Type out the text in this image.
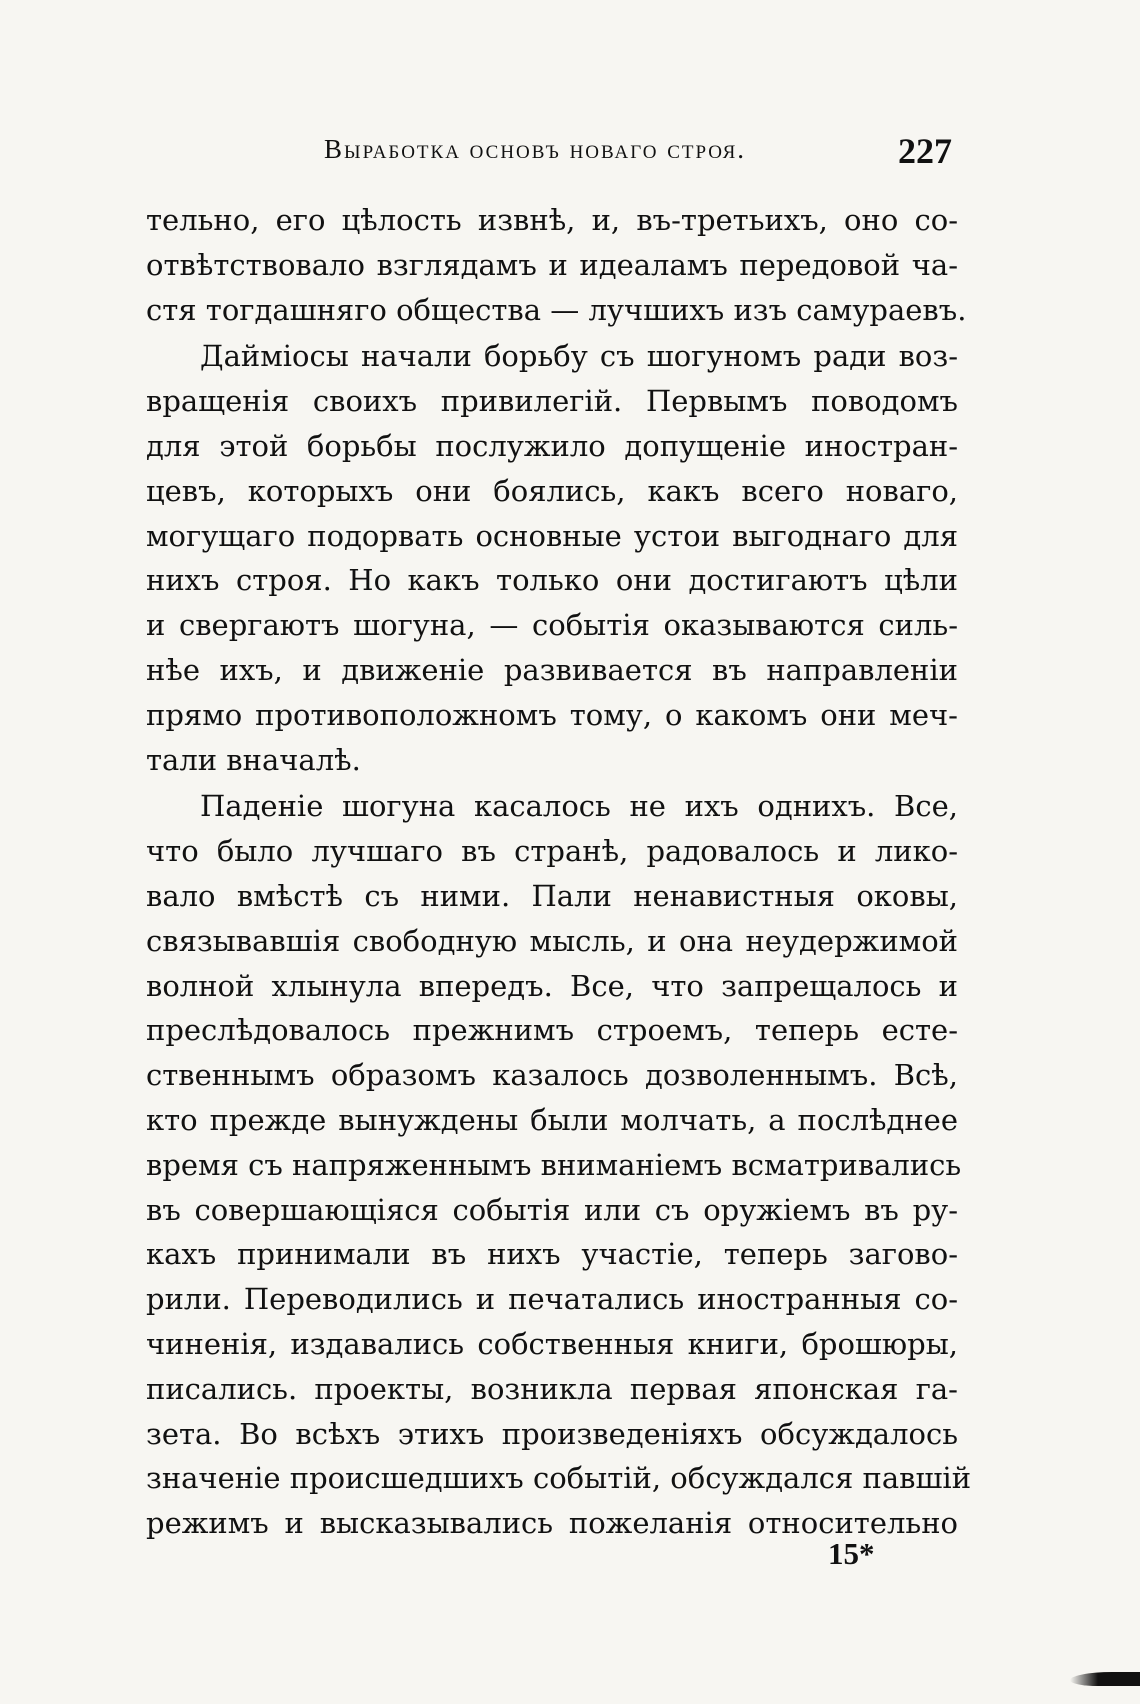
Выработка основъ новаго строя.	227
тельно, его цѣлость извнѣ, и, въ-третьихъ, оно со-
отвѣтствовало взглядамъ и идеаламъ передовой ча-
стя тогдашняго общества — лучшихъ изъ самураевъ.
Дайміосы начали борьбу съ шогуномъ ради воз-
вращенія своихъ привилегій. Первымъ поводомъ
для этой борьбы послужило допущеніе иностран-
цевъ, которыхъ они боялись, какъ всего новаго,
могущаго подорвать основные устои выгоднаго для
нихъ строя. Но какъ только они достигаютъ цѣли
и свергаютъ шогуна, — событія оказываются силь-
нѣе ихъ, и движеніе развивается въ направленіи
прямо противоположномъ тому, о какомъ они меч-
тали вначалѣ.
Паденіе шогуна касалось не ихъ однихъ. Все,
что было лучшаго въ странѣ, радовалось и лико-
вало вмѣстѣ съ ними. Пали ненавистныя оковы,
связывавшія свободную мысль, и она неудержимой
волной хлынула впередъ. Все, что запрещалось и
преслѣдовалось прежнимъ строемъ, теперь есте-
ственнымъ образомъ казалось дозволеннымъ. Всѣ,
кто прежде вынуждены были молчать, а послѣднее
время съ напряженнымъ вниманіемъ всматривались
въ совершающіяся событія или съ оружіемъ въ ру-
кахъ принимали въ нихъ участіе, теперь загово-
рили. Переводились и печатались иностранныя со-
чиненія, издавались собственныя книги, брошюры,
писались. проекты, возникла первая японская га-
зета. Во всѣхъ этихъ произведеніяхъ обсуждалось
значеніе происшедшихъ событій, обсуждался павшій
режимъ и высказывались пожеланія относительно
15*
